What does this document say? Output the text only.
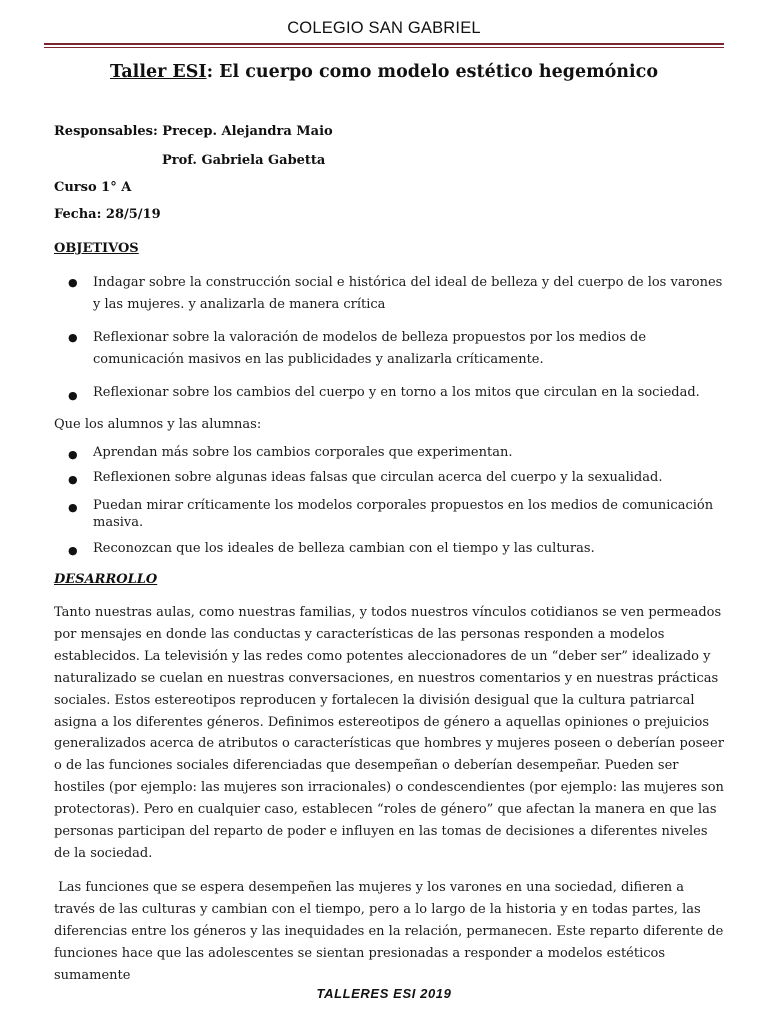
COLEGIO SAN GABRIEL
Taller ESI: El cuerpo como modelo estético hegemónico
Responsables: Precep. Alejandra Maio
Prof. Gabriela Gabetta
Curso 1° A
Fecha: 28/5/19
OBJETIVOS
● Indagar sobre la construcción social e histórica del ideal de belleza y del cuerpo de los varones y las mujeres. y analizarla de manera crítica
● Reflexionar sobre la valoración de modelos de belleza propuestos por los medios de comunicación masivos en las publicidades y analizarla críticamente.
● Reflexionar sobre los cambios del cuerpo y en torno a los mitos que circulan en la sociedad.
Que los alumnos y las alumnas:
● Aprendan más sobre los cambios corporales que experimentan.
● Reflexionen sobre algunas ideas falsas que circulan acerca del cuerpo y la sexualidad.
● Puedan mirar críticamente los modelos corporales propuestos en los medios de comunicación masiva.
● Reconozcan que los ideales de belleza cambian con el tiempo y las culturas.
DESARROLLO
Tanto nuestras aulas, como nuestras familias, y todos nuestros vínculos cotidianos se ven permeados por mensajes en donde las conductas y características de las personas responden a modelos establecidos. La televisión y las redes como potentes aleccionadores de un “deber ser” idealizado y naturalizado se cuelan en nuestras conversaciones, en nuestros comentarios y en nuestras prácticas sociales. Estos estereotipos reproducen y fortalecen la división desigual que la cultura patriarcal asigna a los diferentes géneros. Definimos estereotipos de género a aquellas opiniones o prejuicios generalizados acerca de atributos o características que hombres y mujeres poseen o deberían poseer o de las funciones sociales diferenciadas que desempeñan o deberían desempeñar. Pueden ser hostiles (por ejemplo: las mujeres son irracionales) o condescendientes (por ejemplo: las mujeres son protectoras). Pero en cualquier caso, establecen “roles de género” que afectan la manera en que las personas participan del reparto de poder e influyen en las tomas de decisiones a diferentes niveles de la sociedad.
Las funciones que se espera desempeñen las mujeres y los varones en una sociedad, difieren a través de las culturas y cambian con el tiempo, pero a lo largo de la historia y en todas partes, las diferencias entre los géneros y las inequidades en la relación, permanecen. Este reparto diferente de funciones hace que las adolescentes se sientan presionadas a responder a modelos estéticos sumamente
TALLERES ESI 2019
